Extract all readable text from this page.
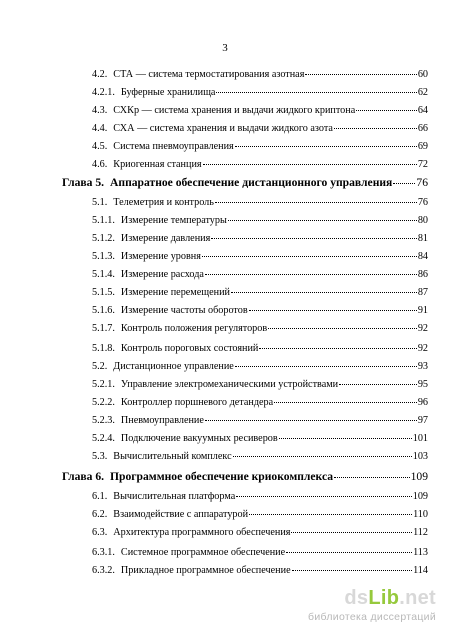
3
4.2. СТА — система термостатирования азотная	60
4.2.1. Буферные хранилища	62
4.3. СХКр — система хранения и выдачи жидкого криптона	64
4.4. СХА — система хранения и выдачи жидкого азота	66
4.5. Система пневмоуправления	69
4.6. Криогенная станция	72
Глава 5. Аппаратное обеспечение дистанционного управления 76
5.1. Телеметрия и контроль	76
5.1.1. Измерение температуры	80
5.1.2. Измерение давления	81
5.1.3. Измерение уровня	84
5.1.4. Измерение расхода	86
5.1.5. Измерение перемещений	87
5.1.6. Измерение частоты оборотов	91
5.1.7. Контроль положения регуляторов	92
5.1.8. Контроль пороговых состояний	92
5.2. Дистанционное управление	93
5.2.1. Управление электромеханическими устройствами	95
5.2.2. Контроллер поршневого детандера	96
5.2.3. Пневмоуправление	97
5.2.4. Подключение вакуумных ресиверов	101
5.3. Вычислительный комплекс	103
Глава 6. Программное обеспечение криокомплекса	109
6.1. Вычислительная платформа	109
6.2. Взаимодействие с аппаратурой	110
6.3. Архитектура программного обеспечения	112
6.3.1. Системное программное обеспечение	113
6.3.2. Прикладное программное обеспечение	114
dsLib.net
библиотека диссертаций
